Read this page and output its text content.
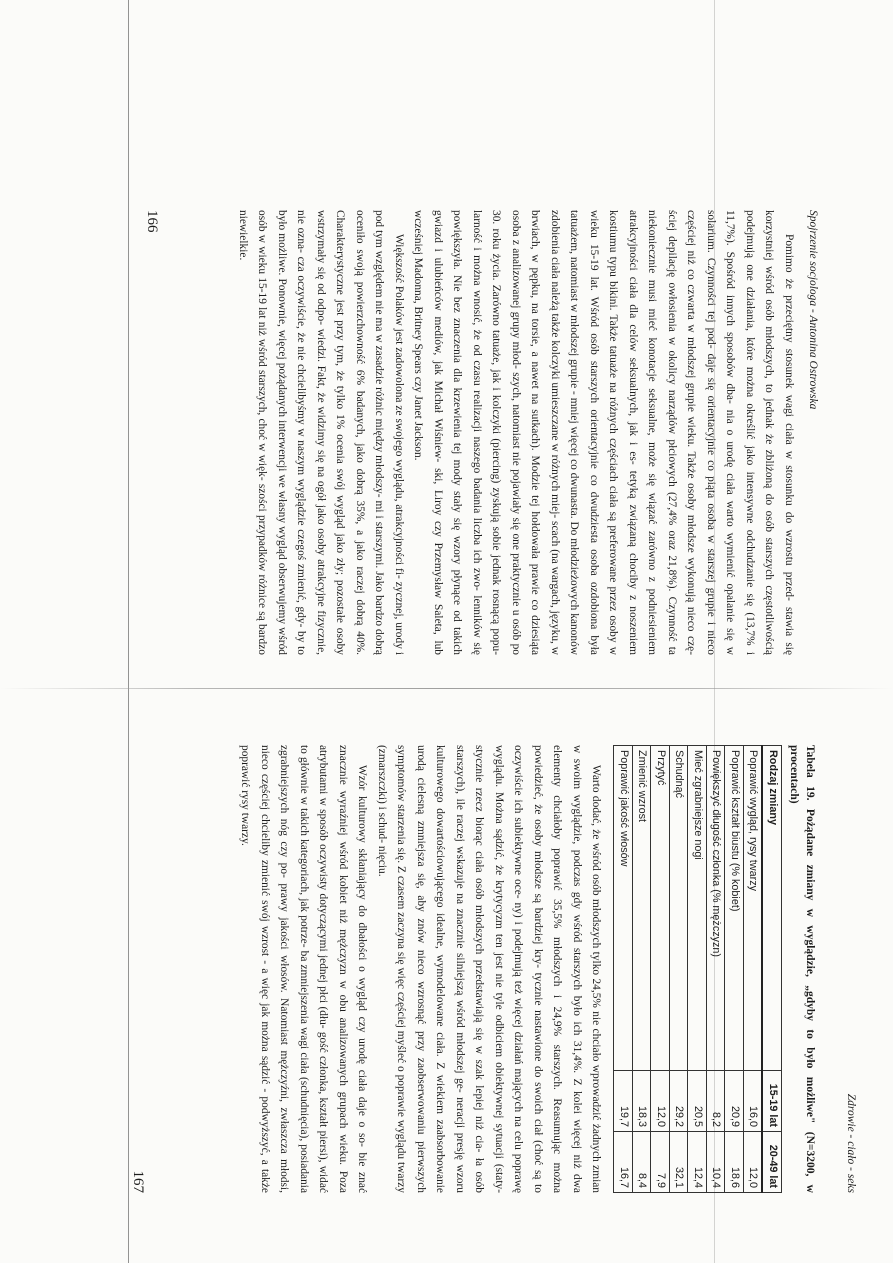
Spojrzenie socjologa - Antonina Ostrowska

Pomimo że przeciętny stosunek wagi ciała w stosunku do wzrostu przed- stawia się korzystniej wśród osób młodszych, to jednak że zbliżoną do osób starszych częstotliwością podejmują one działania, które można określić jako intensywne odchudzanie się (13,7% i 11,7%). Spośród innych sposobów dba- nia o urodę ciała warto wymienić opalanie się w solarium. Czynności tej pod- daje się orientacyjnie co piąta osoba w starszej grupie i nieco częściej niż co czwarta w młodszej grupie wieku. Także osoby młodsze wykonują nieco czę- ściej depilację owłosienia w okolicy narządów płciowych (27,4% oraz 21,8%). Czynność ta niekoniecznie musi mieć konotacje seksualne, może się wiązać zarówno z podniesieniem atrakcyjności ciała dla celów seksualnych, jak i es- tetyką związaną chociby z noszeniem kostiumu typu bikini. Także tatuaże na różnych częściach ciała są preferowane przez osoby w wieku 15-19 lat. Wśród osób starszych orientacyjnie co dwudziesta osoba ozdobiona była tatuażem, natomiast w młodszej grupie - mniej więcej co dwunasta. Do młodzieżowych kanonów zdobienia ciała należą także kolczyki umieszczane w różnych miej- scach (na wargach, języku, w brwiach, w pępku, na torsie, a nawet na sutkach). Modzie tej hołdowała prawie co dziesiąta osoba z analizowanej grupy młod- szych, natomiast nie pojawiały się one praktycznie u osób po 30. roku życia. Zarówno tatuaże, jak i kolczyki (piercing) zyskują sobie jednak rosnącą popu- larność i można wnosić, że od czasu realizacji naszego badania liczba ich zwo- lenników się powiększyła. Nie bez znaczenia dla krzewienia tej mody stały się wzory płynące od takich gwiazd i ulubieńców mediów, jak Michał Wiśniew- ski, Liroy czy Przemysław Saleta, lub wcześniej Madonna, Britney Spears czy Janet Jackson.

Większość Polaków jest zadowolona ze swojego wyglądu, atrakcyjności fi- zycznej, urody i pod tym względem nie ma w zasadzie różnic między młodszy- mi i starszymi. Jako bardzo dobrą oceniło swoją powierzchowność 6% badanych, jako dobrą 35%, a jako raczej dobrą 40%. Charakterystyczne jest przy tym, że tylko 1% ocenia swój wygląd jako zły; pozostałe osoby wstrzymały się od odpo- wiedzi. Fakt, że widzimy się na ogół jako osoby atrakcyjne fizycznie, nie ozna- cza oczywiście, że nie chcielibyśmy w naszym wyglądzie czegoś zmienić, gdy- by to było możliwe. Ponownie, więcej pożądanych interwencji we własny wygląd obserwujemy wśród osób w wieku 15-19 lat niż wśród starszych, choć w więk- szości przypadków różnice są bardzo niewielkie.

166
Zdrowie - ciało - seks
Tabela 19. Pożądane zmiany w wyglądzie, „gdyby to było możliwe" (N=3200, w procentach)
Rodzaj zmiany	15-19 lat	20-49 lat
Poprawić wygląd, rysy twarzy	16,0	12,0
Poprawić kształt biustu (% kobiet)	20,9	18,6
Powiększyć długość członka (% mężczyzn)	8,2	10,4
Mieć zgrabniejsze nogi	20,5	12,4
Schudnąć	29,2	32,1
Przytyć	12,0	7,9
Zmienić wzrost	18,3	8,4
Poprawić jakość włosów	19,7	16,7

Warto dodać, że wśród osób młodszych tylko 24,5% nie chciało wprowadzić żadnych zmian w swoim wyglądzie, podczas gdy wśród starszych było ich 31,4%. Z kolei więcej niż dwa elementy chciałoby poprawić 35,5% młodszych i 24,9% starszych. Reasumując można powiedzieć, że osoby młodsze są bardziej kry- tycznie nastawione do swoich ciał (choć są to oczywiście ich subiektywne oce- ny) i podejmują też więcej działań mających na celu poprawę wyglądu. Można sądzić, że krytycyzm ten jest nie tyle odbiciem obiektywnej sytuacji (staty- stycznie rzecz biorąc ciała osób młodszych przedstawiają się w szak lepiej niż cia- ła osób starszych), ile raczej wskazuje na znacznie silniejszą wśród młodszej ge- neracji presję wzoru kulturowego dowartościowującego idealne, wymodelowane ciała. Z wiekiem zaabsorbowanie urodą cielesną zmniejsza się, aby znów nieco wzrosnąć przy zaobserwowaniu pierwszych symptomów starzenia się. Z czasem zaczyna się więc częściej myśleć o poprawie wyglądu twarzy (zmarszczki) i schud- nięciu.

Wzór kulturowy skłaniający do dbałości o wygląd czy urodę ciała daje o so- bie znać znacznie wyraźniej wśród kobiet niż mężczyzn w obu analizowanych grupach wieku. Poza atrybutami w sposób oczywisty dotyczącymi jednej płci (dłu- gość członka, kształt piersi), widać to głównie w takich kategoriach, jak potrze- ba zmniejszenia wagi ciała (schudnięcia), posiadania zgrabniejszych nóg czy po- prawy jakości włosów. Natomiast mężczyźni, zwłaszcza młodsi, nieco częściej chcieliby zmienić swój wzrost - a więc jak można sądzić - podwyższyć, a także poprawić rysy twarzy.

167
